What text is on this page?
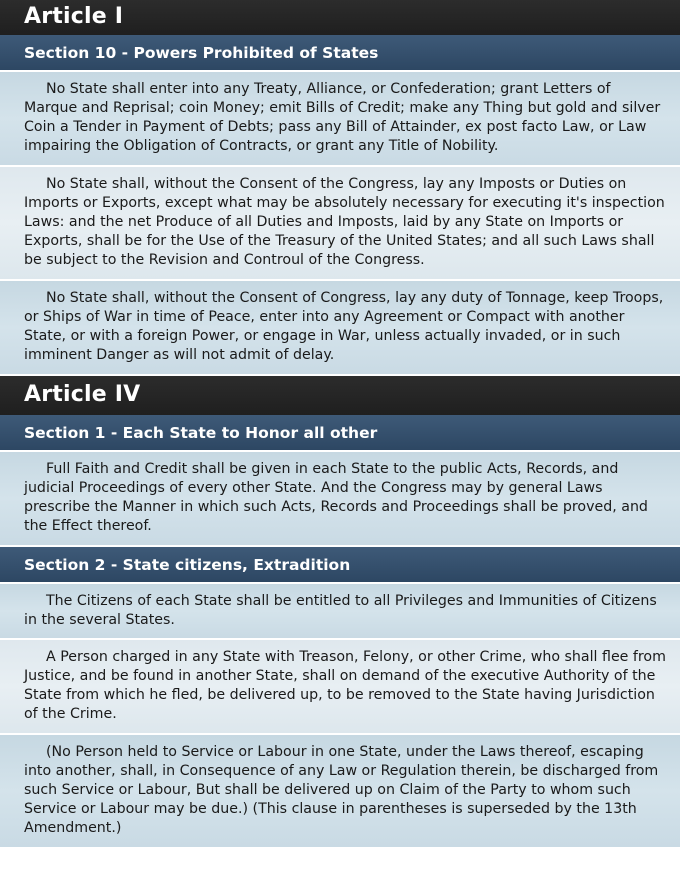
Article I
Section 10 - Powers Prohibited of States
No State shall enter into any Treaty, Alliance, or Confederation; grant Letters of Marque and Reprisal; coin Money; emit Bills of Credit; make any Thing but gold and silver Coin a Tender in Payment of Debts; pass any Bill of Attainder, ex post facto Law, or Law impairing the Obligation of Contracts, or grant any Title of Nobility.
No State shall, without the Consent of the Congress, lay any Imposts or Duties on Imports or Exports, except what may be absolutely necessary for executing it's inspection Laws: and the net Produce of all Duties and Imposts, laid by any State on Imports or Exports, shall be for the Use of the Treasury of the United States; and all such Laws shall be subject to the Revision and Controul of the Congress.
No State shall, without the Consent of Congress, lay any duty of Tonnage, keep Troops, or Ships of War in time of Peace, enter into any Agreement or Compact with another State, or with a foreign Power, or engage in War, unless actually invaded, or in such imminent Danger as will not admit of delay.
Article IV
Section 1 - Each State to Honor all other
Full Faith and Credit shall be given in each State to the public Acts, Records, and judicial Proceedings of every other State. And the Congress may by general Laws prescribe the Manner in which such Acts, Records and Proceedings shall be proved, and the Effect thereof.
Section 2 - State citizens, Extradition
The Citizens of each State shall be entitled to all Privileges and Immunities of Citizens in the several States.
A Person charged in any State with Treason, Felony, or other Crime, who shall flee from Justice, and be found in another State, shall on demand of the executive Authority of the State from which he fled, be delivered up, to be removed to the State having Jurisdiction of the Crime.
(No Person held to Service or Labour in one State, under the Laws thereof, escaping into another, shall, in Consequence of any Law or Regulation therein, be discharged from such Service or Labour, But shall be delivered up on Claim of the Party to whom such Service or Labour may be due.) (This clause in parentheses is superseded by the 13th Amendment.)
